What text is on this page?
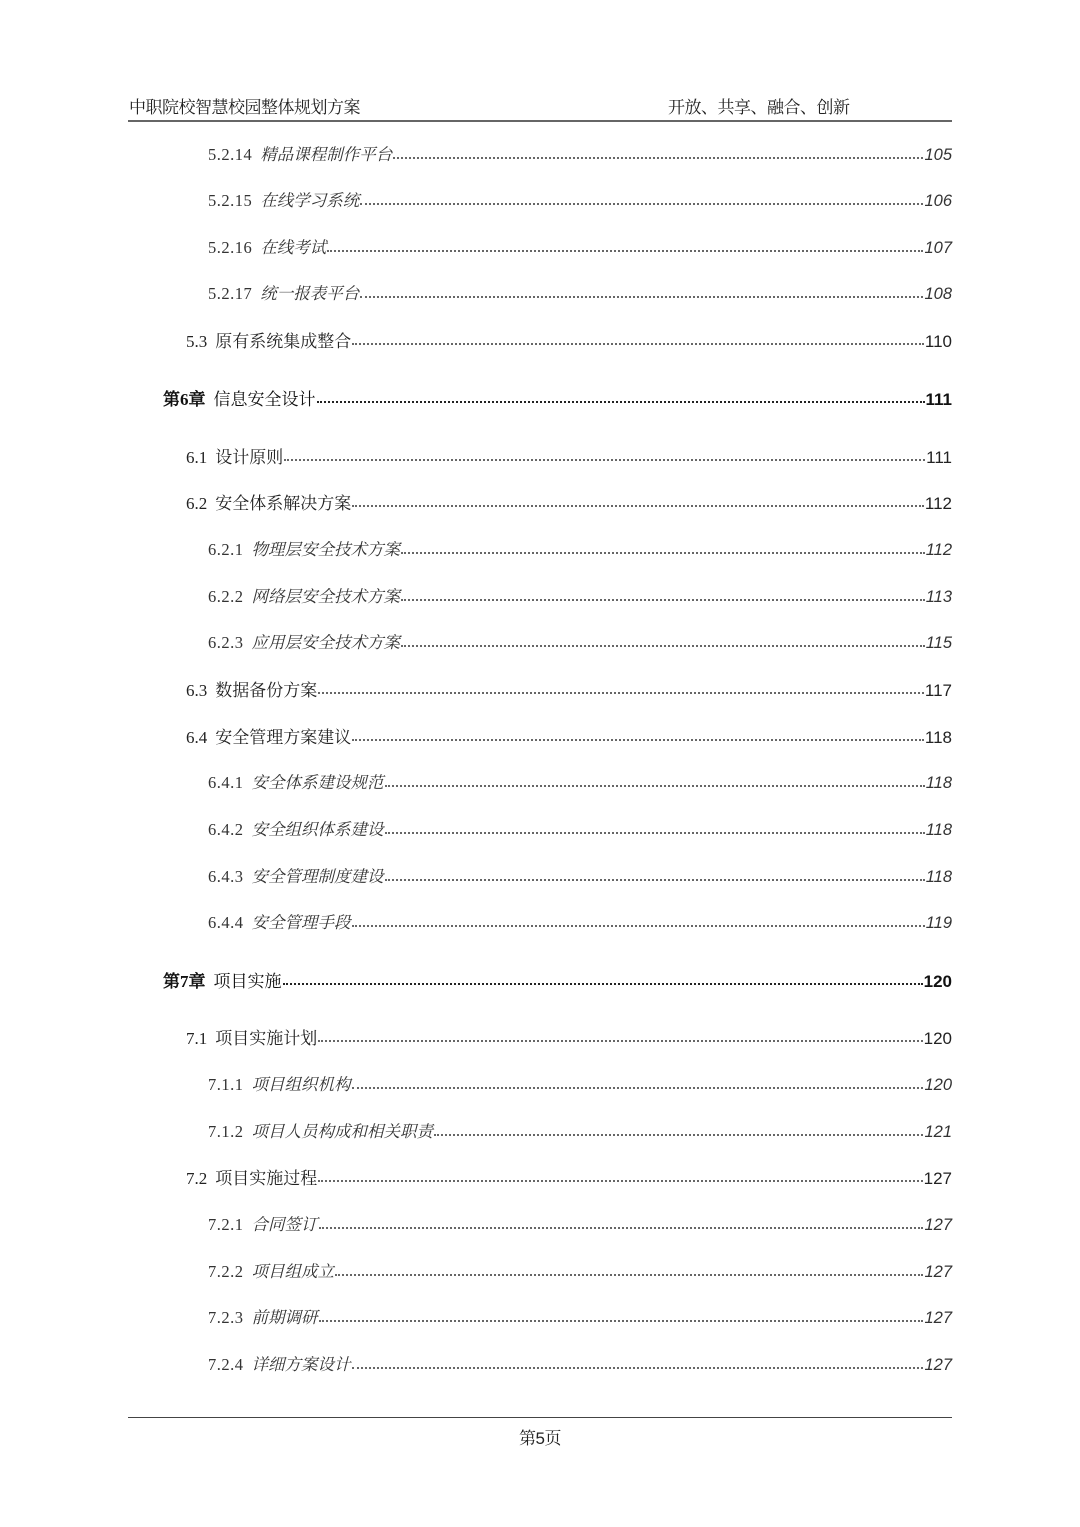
中职院校智慧校园整体规划方案	开放、共享、融合、创新
5.2.14 精品课程制作平台	105
5.2.15 在线学习系统	106
5.2.16 在线考试	107
5.2.17 统一报表平台	108
5.3 原有系统集成整合	110
第6章 信息安全设计	111
6.1 设计原则	111
6.2 安全体系解决方案	112
6.2.1 物理层安全技术方案	112
6.2.2 网络层安全技术方案	113
6.2.3 应用层安全技术方案	115
6.3 数据备份方案	117
6.4 安全管理方案建议	118
6.4.1 安全体系建设规范	118
6.4.2 安全组织体系建设	118
6.4.3 安全管理制度建设	118
6.4.4 安全管理手段	119
第7章 项目实施	120
7.1 项目实施计划	120
7.1.1 项目组织机构	120
7.1.2 项目人员构成和相关职责	121
7.2 项目实施过程	127
7.2.1 合同签订	127
7.2.2 项目组成立	127
7.2.3 前期调研	127
7.2.4 详细方案设计	127
第5页
